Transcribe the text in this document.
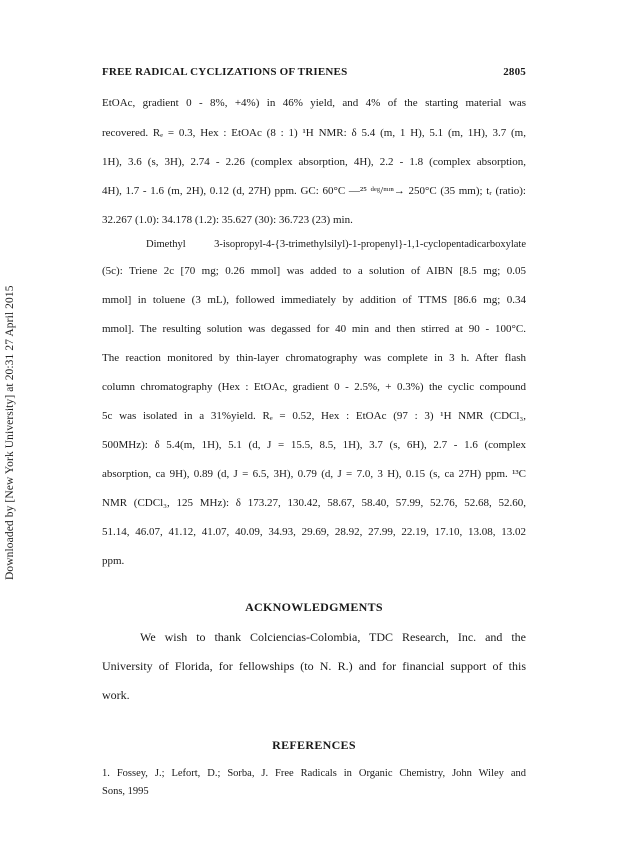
Downloaded by [New York University] at 20:31 27 April 2015
FREE RADICAL CYCLIZATIONS OF TRIENES	2805
EtOAc, gradient 0 - 8%, +4%) in 46% yield, and 4% of the starting material was
recovered. Rₑ = 0.3, Hex : EtOAc (8 : 1) ¹H NMR: δ 5.4 (m, 1 H), 5.1 (m, 1H), 3.7 (m,
1H), 3.6 (s, 3H), 2.74 - 2.26 (complex absorption, 4H), 2.2 - 1.8 (complex absorption,
4H), 1.7 - 1.6 (m, 2H), 0.12 (d, 27H) ppm. GC: 60°C —²⁵ ᵈᵉᵍ/ᵐᶦⁿ→ 250°C (35 mm); tᵣ (ratio):
32.267 (1.0): 34.178 (1.2): 35.627 (30): 36.723 (23) min.
Dimethyl 3-isopropyl-4-{3-trimethylsilyl)-1-propenyl}-1,1-cyclopentadicarboxylate
(5c): Triene 2c [70 mg; 0.26 mmol] was added to a solution of AIBN [8.5 mg; 0.05
mmol] in toluene (3 mL), followed immediately by addition of TTMS [86.6 mg; 0.34
mmol]. The resulting solution was degassed for 40 min and then stirred at 90 - 100°C.
The reaction monitored by thin-layer chromatography was complete in 3 h. After flash
column chromatography (Hex : EtOAc, gradient 0 - 2.5%, + 0.3%) the cyclic compound
5c was isolated in a 31%yield. Rₑ = 0.52, Hex : EtOAc (97 : 3) ¹H NMR (CDCl₃,
500MHz): δ 5.4(m, 1H), 5.1 (d, J = 15.5, 8.5, 1H), 3.7 (s, 6H), 2.7 - 1.6 (complex
absorption, ca 9H), 0.89 (d, J = 6.5, 3H), 0.79 (d, J = 7.0, 3 H), 0.15 (s, ca 27H) ppm. ¹³C
NMR (CDCl₃, 125 MHz): δ 173.27, 130.42, 58.67, 58.40, 57.99, 52.76, 52.68, 52.60,
51.14, 46.07, 41.12, 41.07, 40.09, 34.93, 29.69, 28.92, 27.99, 22.19, 17.10, 13.08, 13.02
ppm.
ACKNOWLEDGMENTS
We wish to thank Colciencias-Colombia, TDC Research, Inc. and the
University of Florida, for fellowships (to N. R.) and for financial support of this
work.
REFERENCES
1. Fossey, J.; Lefort, D.; Sorba, J. Free Radicals in Organic Chemistry, John Wiley and
Sons, 1995
